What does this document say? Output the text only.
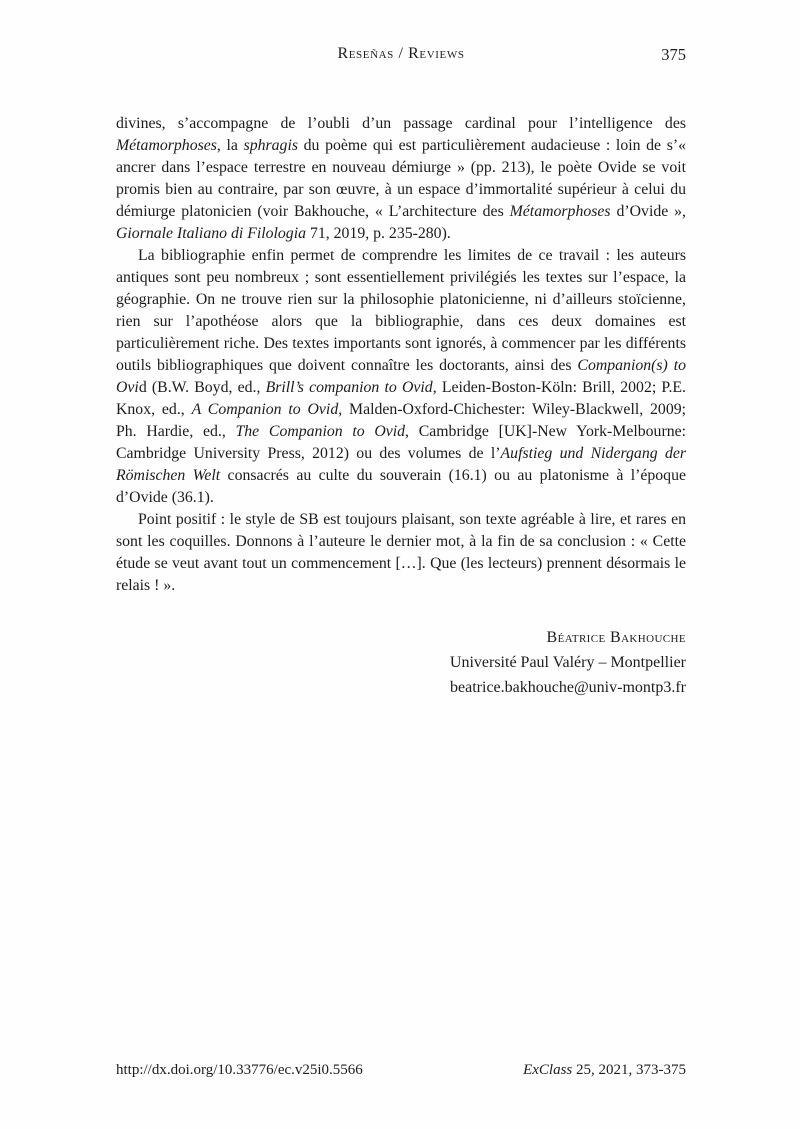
Reseñas / Reviews	375

divines, s’accompagne de l’oubli d’un passage cardinal pour l’intelligence des Métamorphoses, la sphragis du poème qui est particulièrement audacieuse : loin de s’« ancrer dans l’espace terrestre en nouveau démiurge » (pp. 213), le poète Ovide se voit promis bien au contraire, par son œuvre, à un espace d’immortalité supérieur à celui du démiurge platonicien (voir Bakhouche, « L’architecture des Métamorphoses d’Ovide », Giornale Italiano di Filologia 71, 2019, p. 235-280).

La bibliographie enfin permet de comprendre les limites de ce travail : les auteurs antiques sont peu nombreux ; sont essentiellement privilégiés les textes sur l’espace, la géographie. On ne trouve rien sur la philosophie platonicienne, ni d’ailleurs stoïcienne, rien sur l’apothéose alors que la bibliographie, dans ces deux domaines est particulièrement riche. Des textes importants sont ignorés, à commencer par les différents outils bibliographiques que doivent connaître les doctorants, ainsi des Companion(s) to Ovid (B.W. Boyd, ed., Brill’s companion to Ovid, Leiden-Boston-Köln: Brill, 2002; P.E. Knox, ed., A Companion to Ovid, Malden-Oxford-Chichester: Wiley-Blackwell, 2009; Ph. Hardie, ed., The Companion to Ovid, Cambridge [UK]-New York-Melbourne: Cambridge University Press, 2012) ou des volumes de l’Aufstieg und Nidergang der Römischen Welt consacrés au culte du souverain (16.1) ou au platonisme à l’époque d’Ovide (36.1).

Point positif : le style de SB est toujours plaisant, son texte agréable à lire, et rares en sont les coquilles. Donnons à l’auteure le dernier mot, à la fin de sa conclusion : « Cette étude se veut avant tout un commencement […]. Que (les lecteurs) prennent désormais le relais ! ».

Béatrice Bakhouche
Université Paul Valéry – Montpellier
beatrice.bakhouche@univ-montp3.fr
http://dx.doi.org/10.33776/ec.v25i0.5566	ExClass 25, 2021, 373-375
